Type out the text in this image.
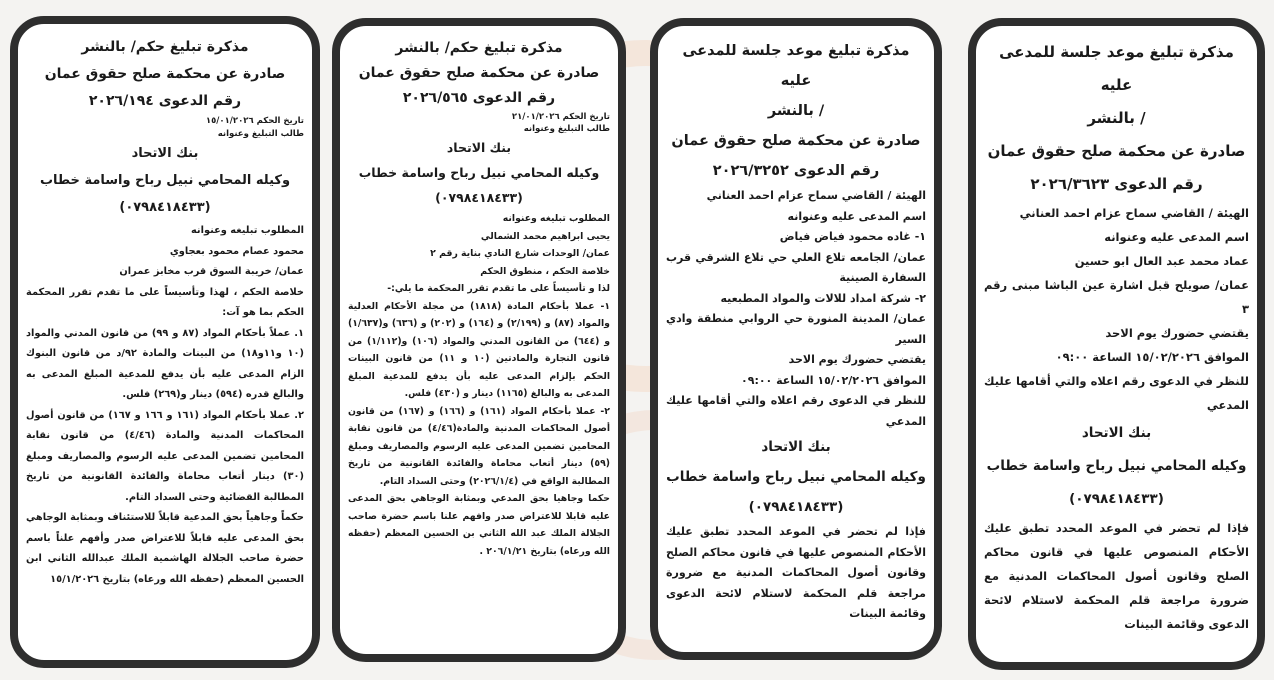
مذكرة تبليغ موعد جلسة للمدعى عليه
/ بالنشر
صادرة عن محكمة صلح حقوق عمان
رقم الدعوى ٢٠٢٦/٣٦٢٣
الهيئة / القاضي سماح عزام احمد العناني
اسم المدعى عليه وعنوانه
عماد محمد عبد العال ابو حسين
عمان/ صويلح قبل اشارة عين الباشا مبنى رقم ٣
يقتضي حضورك يوم الاحد
الموافق ١٥/٠٢/٢٠٢٦ الساعة ٠٩:٠٠
للنظر في الدعوى رقم اعلاه والتي أقامها عليك المدعي
بنك الاتحاد
وكيله المحامي نبيل رباح واسامة خطاب
(٠٧٩٨٤١٨٤٣٣)
فإذا لم تحضر في الموعد المحدد تطبق عليك الأحكام المنصوص عليها في قانون محاكم الصلح وقانون أصول المحاكمات المدنية مع ضرورة مراجعة قلم المحكمة لاستلام لائحة الدعوى وقائمة البينات
مذكرة تبليغ موعد جلسة للمدعى عليه
/ بالنشر
صادرة عن محكمة صلح حقوق عمان
رقم الدعوى ٢٠٢٦/٣٢٥٢
الهيئة / القاضي سماح عزام احمد العناني
اسم المدعى عليه وعنوانه
١- غاده محمود فياض فياض
عمان/ الجامعه تلاع العلي حي تلاع الشرقي قرب السفارة الصينية
٢- شركة امداد للالات والمواد المطبعيه
عمان/ المدينة المنورة حي الروابي منطقة وادي السير
يقتضي حضورك يوم الاحد
الموافق ١٥/٠٢/٢٠٢٦ الساعة ٠٩:٠٠
للنظر في الدعوى رقم اعلاه والتي أقامها عليك المدعي
بنك الاتحاد
وكيله المحامي نبيل رباح واسامة خطاب
(٠٧٩٨٤١٨٤٣٣)
فإذا لم تحضر في الموعد المحدد تطبق عليك الأحكام المنصوص عليها في قانون محاكم الصلح وقانون أصول المحاكمات المدنية مع ضرورة مراجعة قلم المحكمة لاستلام لائحة الدعوى وقائمة البينات
مذكرة تبليغ حكم/ بالنشر
صادرة عن محكمة صلح حقوق عمان
رقم الدعوى ٢٠٢٦/٥٦٥
تاريخ الحكم ٢١/٠١/٢٠٢٦
طالب التبليغ وعنوانه
بنك الاتحاد
وكيله المحامي نبيل رباح واسامة خطاب
(٠٧٩٨٤١٨٤٣٣)
المطلوب تبليغه وعنوانه
يحيى ابراهيم محمد الشمالي
عمان/ الوحدات شارع النادي بناية رقم ٢
خلاصة الحكم ، منطوق الحكم
لذا و تأسيساً على ما تقدم تقرر المحكمة ما يلي:-
١- عملا بأحكام المادة (١٨١٨) من مجلة الأحكام العدلية والمواد (٨٧) و (٢/١٩٩) و (١٦٤) و (٢٠٢) و (٦٣٦) و(١/٦٣٧) و (٦٤٤) من القانون المدني والمواد (١٠٦) و(١/١١٢) من قانون التجارة والمادتين (١٠ و ١١) من قانون البينات الحكم بإلزام المدعى عليه بأن يدفع للمدعية المبلغ المدعى به والبالغ (١١٦٥) دينار و (٤٣٠) فلس.
٢- عملا بأحكام المواد (١٦١) و (١٦٦) و (١٦٧) من قانون أصول المحاكمات المدنية والمادة(٤/٤٦) من قانون نقابة المحامين تضمين المدعى عليه الرسوم والمصاريف ومبلغ (٥٩) دينار أتعاب محاماة والفائدة القانونية من تاريخ المطالبة الواقع في (٢٠٢٦/١/٤) وحتى السداد التام.
حكما وجاهيا بحق المدعي وبمثابة الوجاهي بحق المدعى عليه قابلا للاعتراض صدر وافهم علنا باسم حضرة صاحب الجلالة الملك عبد الله الثاني بن الحسين المعظم (حفظه الله ورعاه) بتاريخ ٢٠٦/١/٢١ .
مذكرة تبليغ حكم/ بالنشر
صادرة عن محكمة صلح حقوق عمان
رقم الدعوى ٢٠٢٦/١٩٤
تاريخ الحكم ١٥/٠١/٢٠٢٦
طالب التبليغ وعنوانه
بنك الاتحاد
وكيله المحامي نبيل رباح واسامة خطاب
(٠٧٩٨٤١٨٤٣٣)
المطلوب تبليغه وعنوانه
محمود عصام محمود بعجاوي
عمان/ خريبة السوق قرب مخابز عمران
خلاصة الحكم ، لهذا وتأسيساً على ما تقدم تقرر المحكمة الحكم بما هو آت:
١. عملاً بأحكام المواد (٨٧ و ٩٩) من قانون المدني والمواد (١٠ و١١و١٨) من البينات والمادة ٩٢/د من قانون البنوك الزام المدعى عليه بأن يدفع للمدعية المبلغ المدعى به والبالغ قدره (٥٩٤) دينار و(٢٦٩) فلس.
٢. عملا بأحكام المواد (١٦١ و ١٦٦ و ١٦٧) من قانون أصول المحاكمات المدنية والمادة (٤/٤٦) من قانون نقابة المحامين تضمين المدعى عليه الرسوم والمصاريف ومبلغ (٣٠) دينار أتعاب محاماة والفائدة القانونية من تاريخ المطالبة القضائية وحتى السداد التام.
حكماً وجاهياً بحق المدعية قابلاً للاستئناف وبمثابة الوجاهي بحق المدعى عليه قابلاً للاعتراض صدر وأفهم علناً باسم حضرة صاحب الجلالة الهاشمية الملك عبدالله الثاني ابن الحسين المعظم (حفظه الله ورعاه) بتاريخ ١٥/١/٢٠٢٦
